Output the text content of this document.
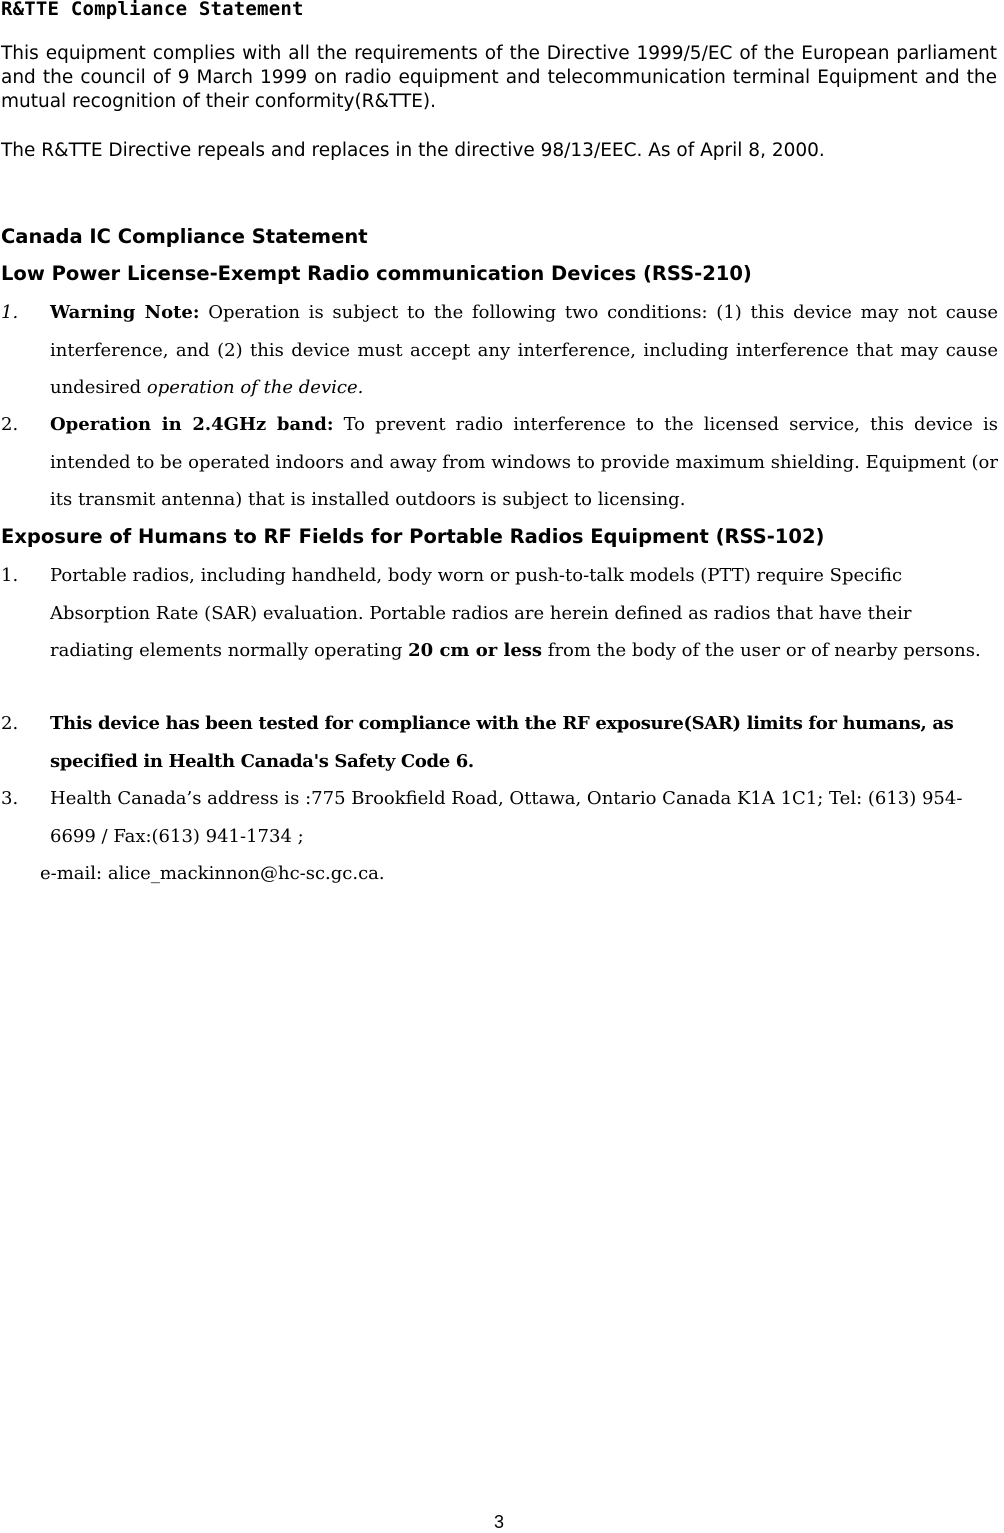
R&TTE Compliance Statement

This equipment complies with all the requirements of the Directive 1999/5/EC of the European parliament and the council of 9 March 1999 on radio equipment and telecommunication terminal Equipment and the mutual recognition of their conformity(R&TTE).

The R&TTE Directive repeals and replaces in the directive 98/13/EEC. As of April 8, 2000.

Canada IC Compliance Statement
Low Power License-Exempt Radio communication Devices (RSS-210)
1.	Warning Note: Operation is subject to the following two conditions: (1) this device may not cause interference, and (2) this device must accept any interference, including interference that may cause undesired operation of the device.
2.	Operation in 2.4GHz band: To prevent radio interference to the licensed service, this device is intended to be operated indoors and away from windows to provide maximum shielding. Equipment (or its transmit antenna) that is installed outdoors is subject to licensing.
Exposure of Humans to RF Fields for Portable Radios Equipment (RSS-102)
1.	Portable radios, including handheld, body worn or push-to-talk models (PTT) require Specific Absorption Rate (SAR) evaluation. Portable radios are herein defined as radios that have their radiating elements normally operating 20 cm or less from the body of the user or of nearby persons.
2.	This device has been tested for compliance with the RF exposure(SAR) limits for humans, as specified in Health Canada's Safety Code 6.
3.	Health Canada’s address is :775 Brookfield Road, Ottawa, Ontario Canada K1A 1C1; Tel: (613) 954-6699 / Fax:(613) 941-1734 ;
e-mail: alice_mackinnon@hc-sc.gc.ca.
3
